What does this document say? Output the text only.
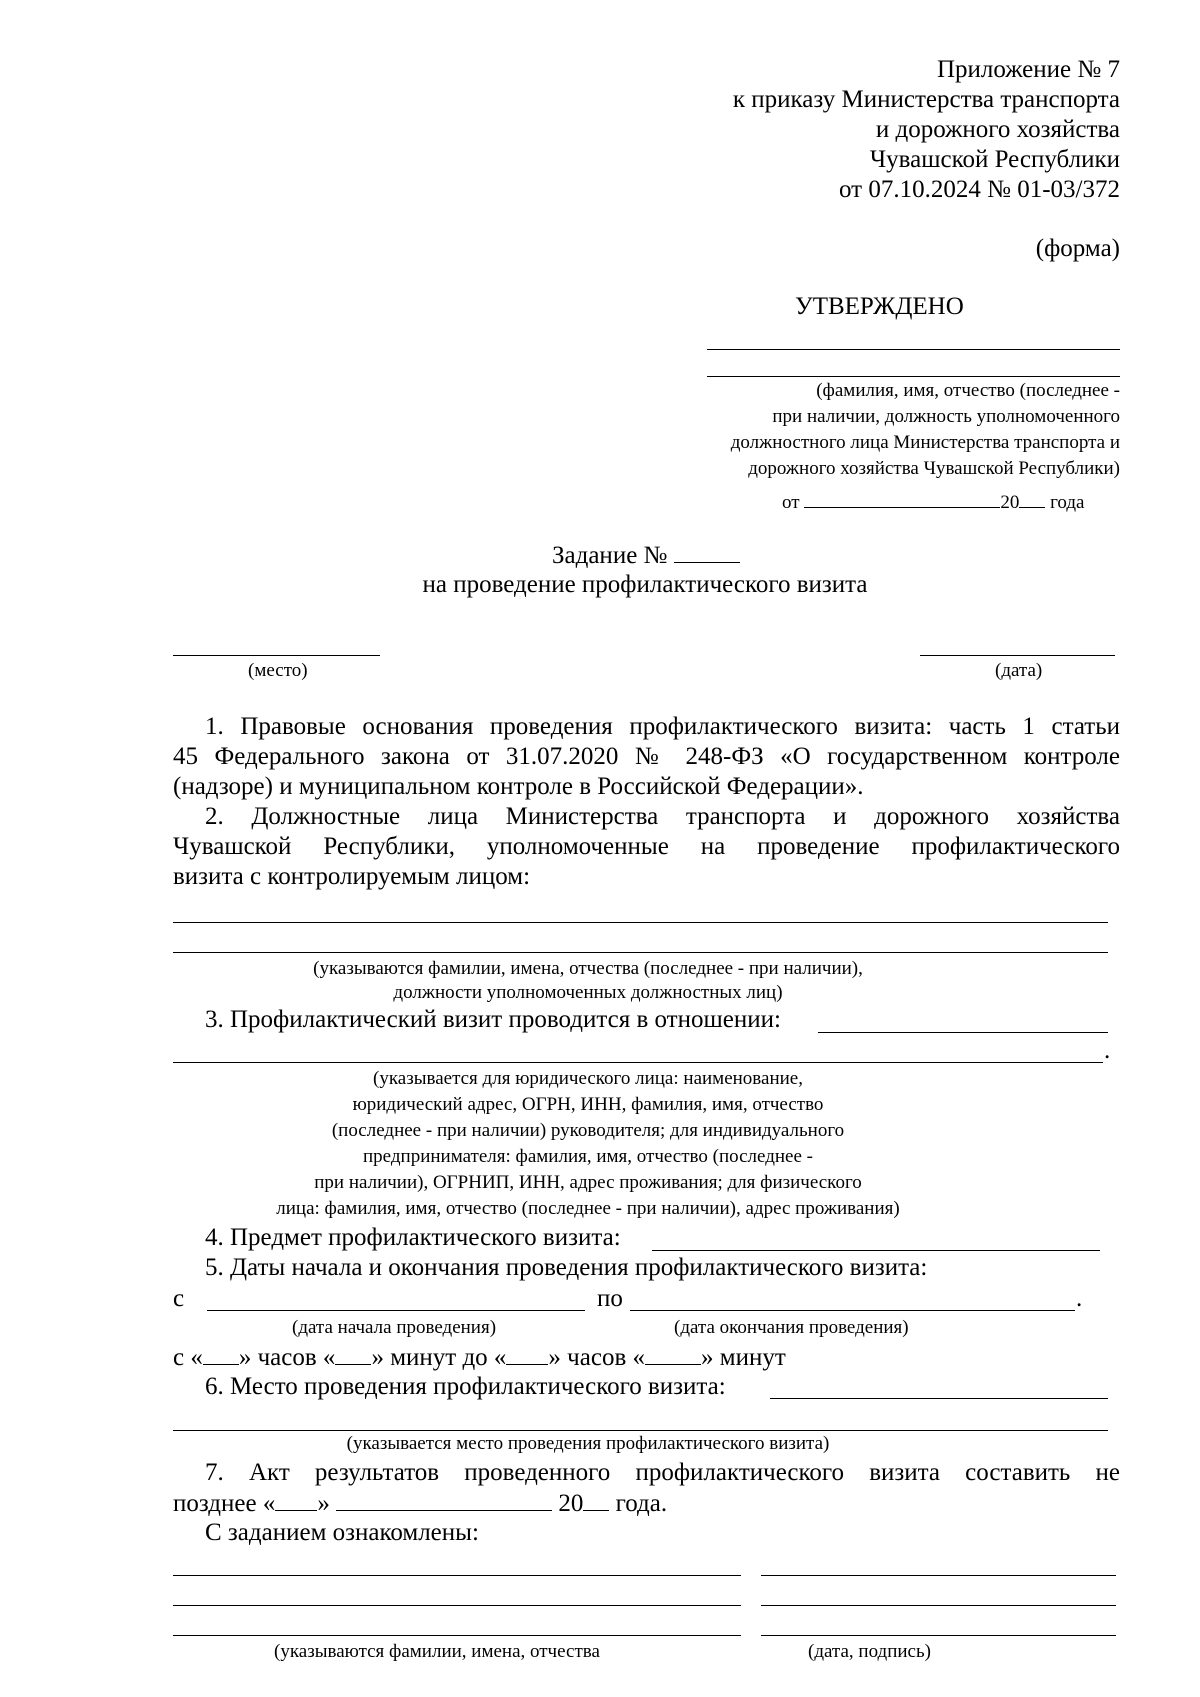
Приложение № 7
к приказу Министерства транспорта
и дорожного хозяйства
Чувашской Республики
от 07.10.2024 № 01-03/372
(форма)
УТВЕРЖДЕНО
(фамилия, имя, отчество (последнее -
при наличии, должность уполномоченного
должностного лица Министерства транспорта и
дорожного хозяйства Чувашской Республики)
от	20 года
Задание №
на проведение профилактического визита
(место)	(дата)
1. Правовые основания проведения профилактического визита: часть 1 статьи
45 Федерального закона от 31.07.2020 № 248-ФЗ «О государственном контроле
(надзоре) и муниципальном контроле в Российской Федерации».
2. Должностные лица Министерства транспорта и дорожного хозяйства
Чувашской Республики, уполномоченные на проведение профилактического
визита с контролируемым лицом:
(указываются фамилии, имена, отчества (последнее - при наличии),
должности уполномоченных должностных лиц)
3. Профилактический визит проводится в отношении:
.
(указывается для юридического лица: наименование,
юридический адрес, ОГРН, ИНН, фамилия, имя, отчество
(последнее - при наличии) руководителя; для индивидуального
предпринимателя: фамилия, имя, отчество (последнее -
при наличии), ОГРНИП, ИНН, адрес проживания; для физического
лица: фамилия, имя, отчество (последнее - при наличии), адрес проживания)
4. Предмет профилактического визита:
5. Даты начала и окончания проведения профилактического визита:
с	по	.
(дата начала проведения)	(дата окончания проведения)
с « » часов « » минут до « » часов « » минут
6. Место проведения профилактического визита:
(указывается место проведения профилактического визита)
7. Акт результатов проведенного профилактического визита составить не
позднее « »	20 года.
С заданием ознакомлены:
(указываются фамилии, имена, отчества	(дата, подпись)
